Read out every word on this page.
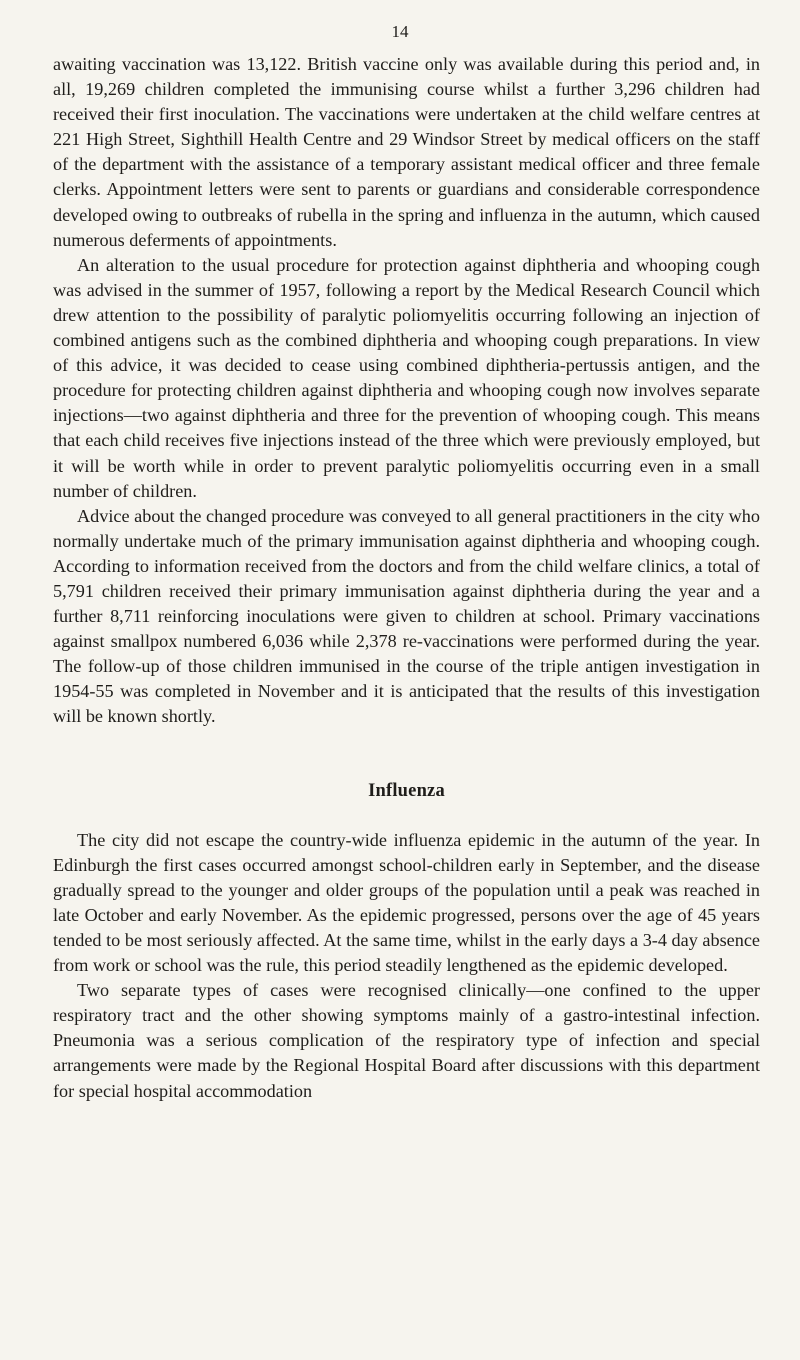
14

awaiting vaccination was 13,122. British vaccine only was available during this period and, in all, 19,269 children completed the immunising course whilst a further 3,296 children had received their first inoculation. The vaccinations were undertaken at the child welfare centres at 221 High Street, Sighthill Health Centre and 29 Windsor Street by medical officers on the staff of the department with the assistance of a temporary assistant medical officer and three female clerks. Appointment letters were sent to parents or guardians and considerable correspondence developed owing to outbreaks of rubella in the spring and influenza in the autumn, which caused numerous deferments of appointments.

An alteration to the usual procedure for protection against diphtheria and whooping cough was advised in the summer of 1957, following a report by the Medical Research Council which drew attention to the possibility of paralytic poliomyelitis occurring following an injection of combined antigens such as the combined diphtheria and whooping cough preparations. In view of this advice, it was decided to cease using combined diphtheria-pertussis antigen, and the procedure for protecting children against diphtheria and whooping cough now involves separate injections—two against diphtheria and three for the prevention of whooping cough. This means that each child receives five injections instead of the three which were previously employed, but it will be worth while in order to prevent paralytic poliomyelitis occurring even in a small number of children.

Advice about the changed procedure was conveyed to all general practitioners in the city who normally undertake much of the primary immunisation against diphtheria and whooping cough. According to information received from the doctors and from the child welfare clinics, a total of 5,791 children received their primary immunisation against diphtheria during the year and a further 8,711 reinforcing inoculations were given to children at school. Primary vaccinations against smallpox numbered 6,036 while 2,378 re-vaccinations were performed during the year. The follow-up of those children immunised in the course of the triple antigen investigation in 1954-55 was completed in November and it is anticipated that the results of this investigation will be known shortly.

Influenza

The city did not escape the country-wide influenza epidemic in the autumn of the year. In Edinburgh the first cases occurred amongst school-children early in September, and the disease gradually spread to the younger and older groups of the population until a peak was reached in late October and early November. As the epidemic progressed, persons over the age of 45 years tended to be most seriously affected. At the same time, whilst in the early days a 3-4 day absence from work or school was the rule, this period steadily lengthened as the epidemic developed.

Two separate types of cases were recognised clinically—one confined to the upper respiratory tract and the other showing symptoms mainly of a gastro-intestinal infection. Pneumonia was a serious complication of the respiratory type of infection and special arrangements were made by the Regional Hospital Board after discussions with this department for special hospital accommodation
